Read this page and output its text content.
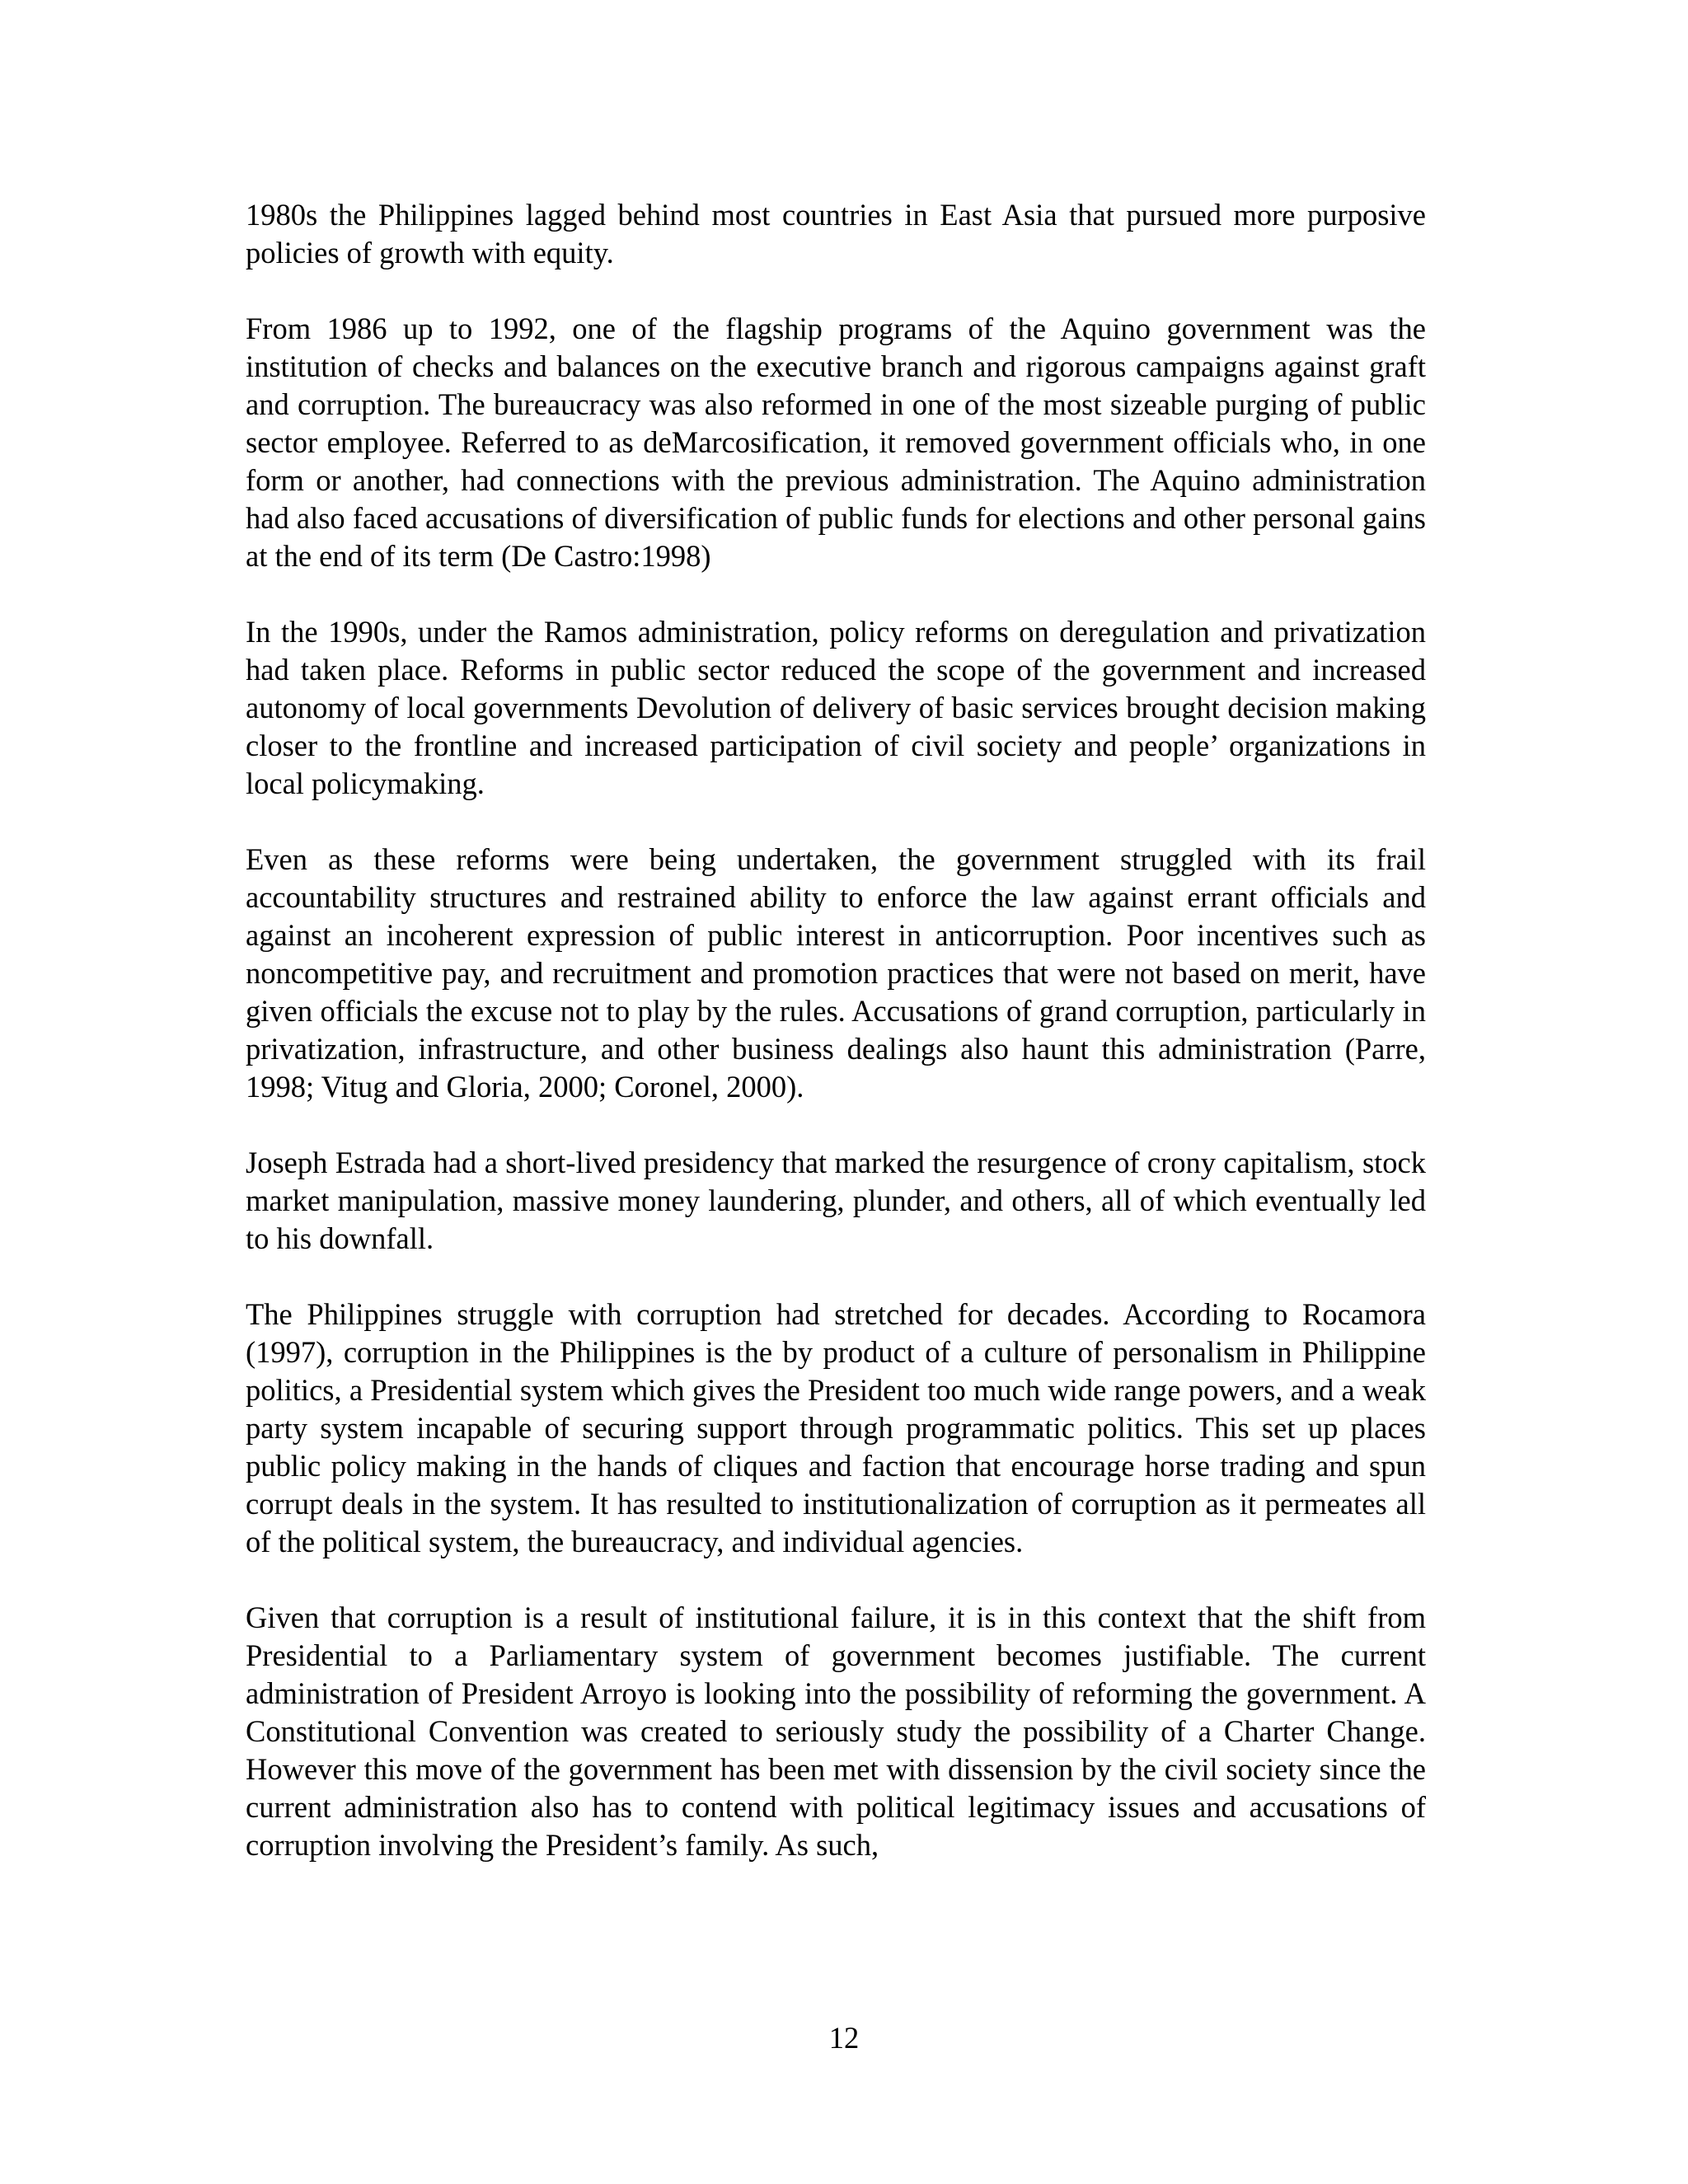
1980s the Philippines lagged behind most countries in East Asia that pursued more purposive policies of growth with equity.

From 1986 up to 1992, one of the flagship programs of the Aquino government was the institution of checks and balances on the executive branch and rigorous campaigns against graft and corruption. The bureaucracy was also reformed in one of the most sizeable purging of public sector employee. Referred to as deMarcosification, it removed government officials who, in one form or another, had connections with the previous administration. The Aquino administration had also faced accusations of diversification of public funds for elections and other personal gains at the end of its term (De Castro:1998)

In the 1990s, under the Ramos administration, policy reforms on deregulation and privatization had taken place. Reforms in public sector reduced the scope of the government and increased autonomy of local governments Devolution of delivery of basic services brought decision making closer to the frontline and increased participation of civil society and people’ organizations in local policymaking.

Even as these reforms were being undertaken, the government struggled with its frail accountability structures and restrained ability to enforce the law against errant officials and against an incoherent expression of public interest in anticorruption. Poor incentives such as noncompetitive pay, and recruitment and promotion practices that were not based on merit, have given officials the excuse not to play by the rules. Accusations of grand corruption, particularly in privatization, infrastructure, and other business dealings also haunt this administration (Parre, 1998; Vitug and Gloria, 2000; Coronel, 2000).

Joseph Estrada had a short-lived presidency that marked the resurgence of crony capitalism, stock market manipulation, massive money laundering, plunder, and others, all of which eventually led to his downfall.

The Philippines struggle with corruption had stretched for decades. According to Rocamora (1997), corruption in the Philippines is the by product of a culture of personalism in Philippine politics, a Presidential system which gives the President too much wide range powers, and a weak party system incapable of securing support through programmatic politics. This set up places public policy making in the hands of cliques and faction that encourage horse trading and spun corrupt deals in the system. It has resulted to institutionalization of corruption as it permeates all of the political system, the bureaucracy, and individual agencies.

Given that corruption is a result of institutional failure, it is in this context that the shift from Presidential to a Parliamentary system of government becomes justifiable. The current administration of President Arroyo is looking into the possibility of reforming the government. A Constitutional Convention was created to seriously study the possibility of a Charter Change. However this move of the government has been met with dissension by the civil society since the current administration also has to contend with political legitimacy issues and accusations of corruption involving the President’s family. As such,

12
